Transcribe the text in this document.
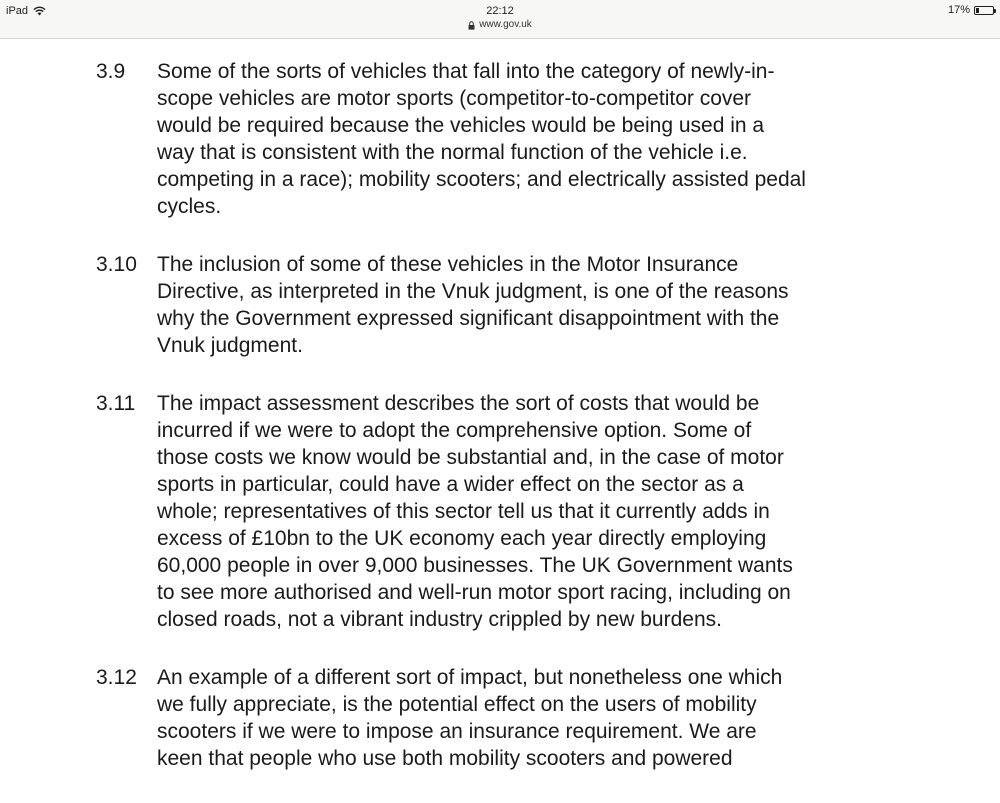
iPad	22:12
www.gov.uk
17%
3.9 Some of the sorts of vehicles that fall into the category of newly-in-
scope vehicles are motor sports (competitor-to-competitor cover
would be required because the vehicles would be being used in a
way that is consistent with the normal function of the vehicle i.e.
competing in a race); mobility scooters; and electrically assisted pedal
cycles.
3.10 The inclusion of some of these vehicles in the Motor Insurance
Directive, as interpreted in the Vnuk judgment, is one of the reasons
why the Government expressed significant disappointment with the
Vnuk judgment.
3.11 The impact assessment describes the sort of costs that would be
incurred if we were to adopt the comprehensive option. Some of
those costs we know would be substantial and, in the case of motor
sports in particular, could have a wider effect on the sector as a
whole; representatives of this sector tell us that it currently adds in
excess of £10bn to the UK economy each year directly employing
60,000 people in over 9,000 businesses. The UK Government wants
to see more authorised and well-run motor sport racing, including on
closed roads, not a vibrant industry crippled by new burdens.
3.12 An example of a different sort of impact, but nonetheless one which
we fully appreciate, is the potential effect on the users of mobility
scooters if we were to impose an insurance requirement. We are
keen that people who use both mobility scooters and powered
